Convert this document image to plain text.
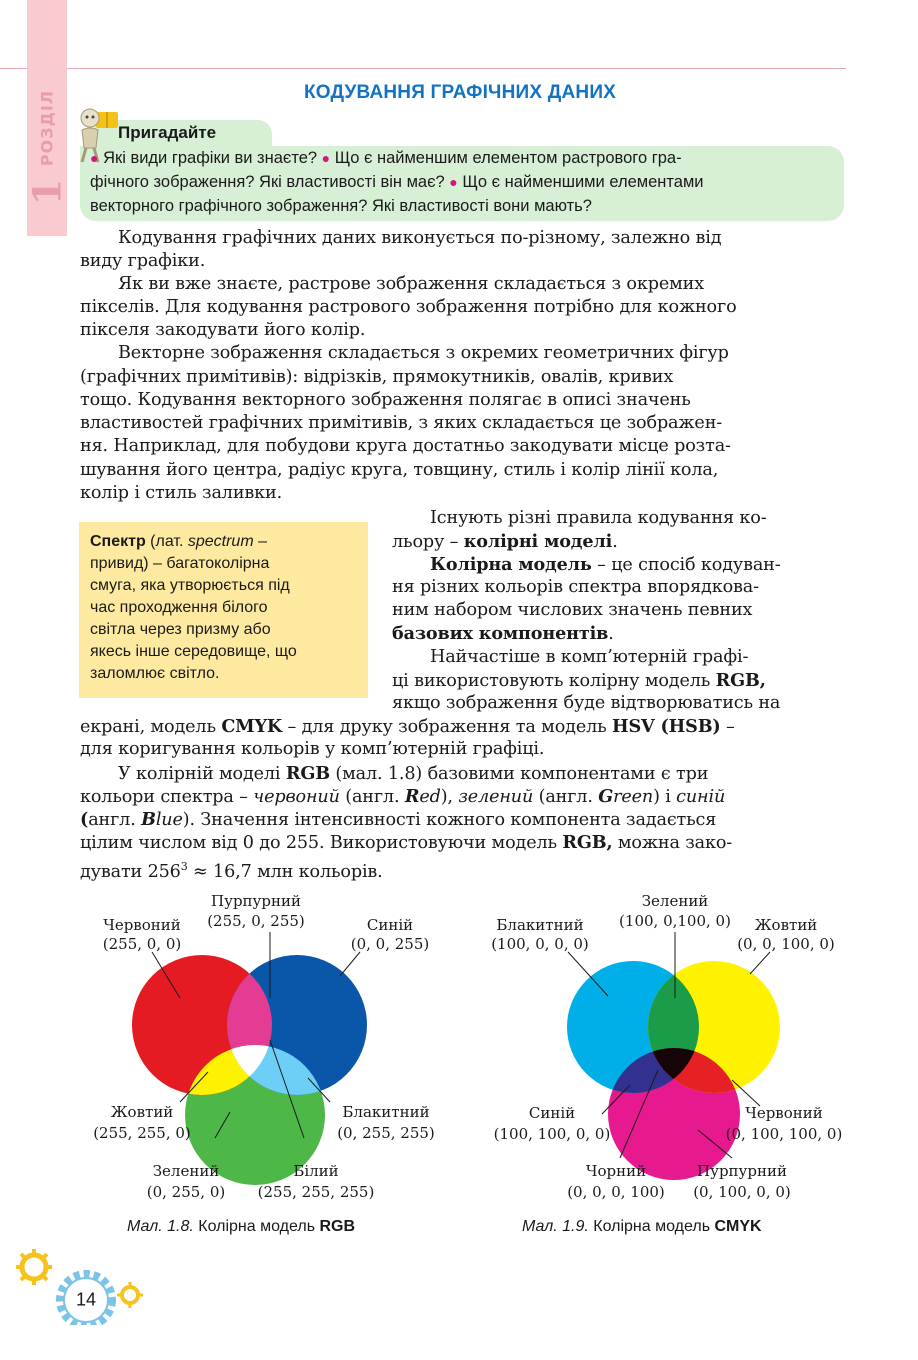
РОЗДІЛ
1
КОДУВАННЯ ГРАФІЧНИХ ДАНИХ
Пригадайте
● Які види графіки ви знаєте? ● Що є найменшим елементом растрового гра-
фічного зображення? Які властивості він має? ● Що є найменшими елементами
векторного графічного зображення? Які властивості вони мають?
Кодування графічних даних виконується по-різному, залежно від
виду графіки.
Як ви вже знаєте, растрове зображення складається з окремих
пікселів. Для кодування растрового зображення потрібно для кожного
пікселя закодувати його колір.
Векторне зображення складається з окремих геометричних фігур
(графічних примітивів): відрізків, прямокутників, овалів, кривих
тощо. Кодування векторного зображення полягає в описі значень
властивостей графічних примітивів, з яких складається це зображен-
ня. Наприклад, для побудови круга достатньо закодувати місце розта-
шування його центра, радіус круга, товщину, стиль і колір лінії кола,
колір і стиль заливки.
Спектр (лат. spectrum –
привид) – багатоколірна
смуга, яка утворюється під
час проходження білого
світла через призму або
якесь інше середовище, що
заломлює світло.
Існують різні правила кодування ко-
льору – колірні моделі.
Колірна модель – це спосіб кодуван-
ня різних кольорів спектра впорядкова-
ним набором числових значень певних
базових компонентів.
Найчастіше в комп’ютерній графі-
ці використовують колірну модель RGB,
якщо зображення буде відтворюватись на
екрані, модель CMYK – для друку зображення та модель HSV (HSB) –
для коригування кольорів у комп’ютерній графіці.
У колірній моделі RGB (мал. 1.8) базовими компонентами є три
кольори спектра – червоний (англ. Red), зелений (англ. Green) і синій
(англ. Blue). Значення інтенсивності кожного компонента задається
цілим числом від 0 до 255. Використовуючи модель RGB, можна зако-
дувати $256^3 \approx 16,7$ млн кольорів.
Червоний
(255, 0, 0)
Пурпурний
(255, 0, 255)	Синій
(0, 0, 255)
Жовтий
(255, 255, 0)
Блакитний
(0, 255, 255)
Зелений
(0, 255, 0)
Білий
(255, 255, 255)
Блакитний
(100, 0, 0, 0)
Зелений
(100, 0,100, 0) Жовтий
(0, 0, 100, 0)
Синій
(100, 100, 0, 0)
Червоний
(0, 100, 100, 0)
Чорний
(0, 0, 0, 100)
Пурпурний
(0, 100, 0, 0)
Мал. 1.8. Колірна модель RGB	Мал. 1.9. Колірна модель CMYK
14
